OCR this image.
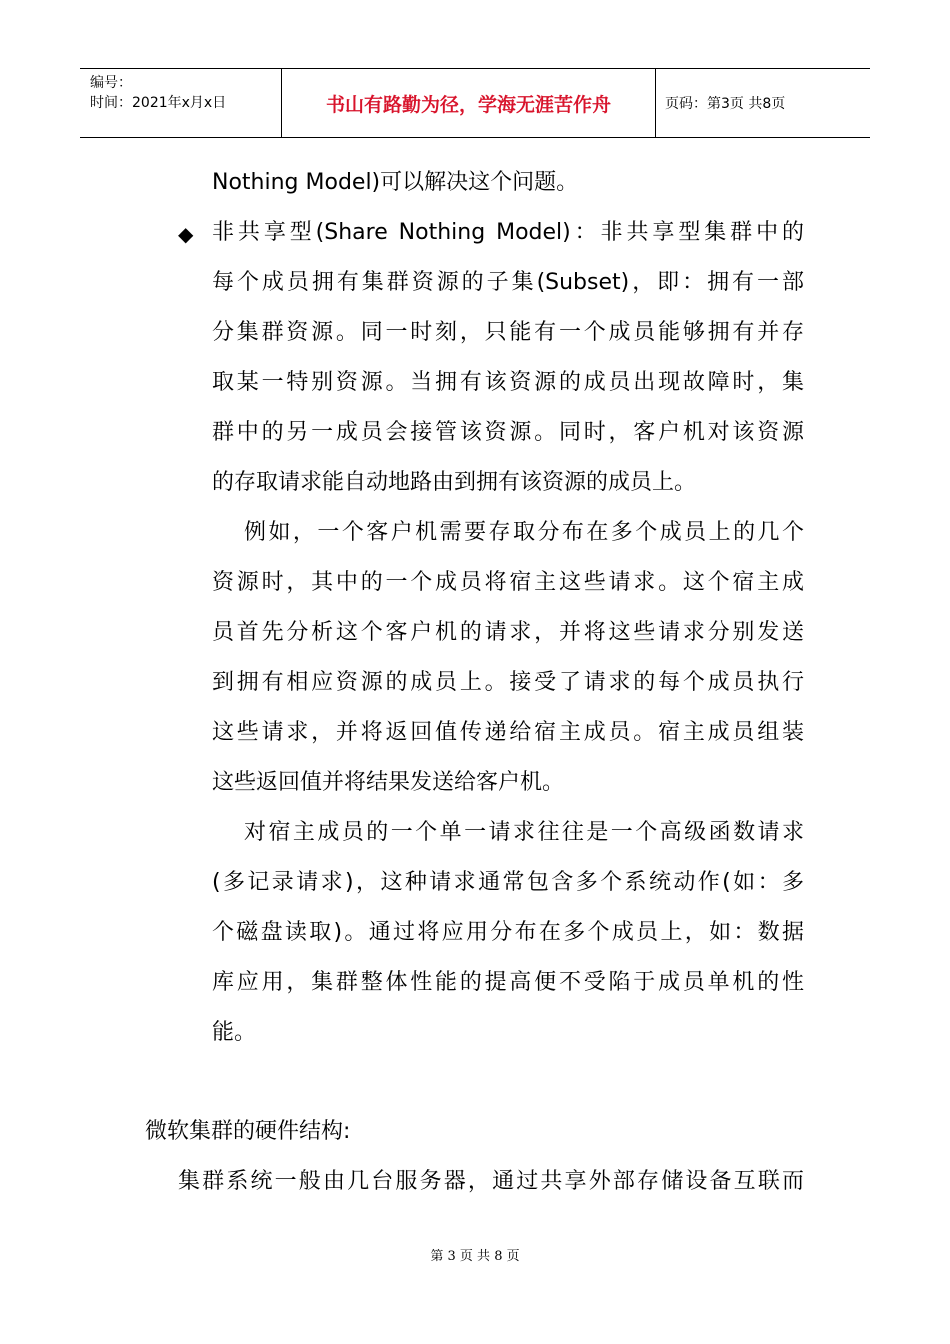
编号：
时间：2021年x月x日	书山有路勤为径，学海无涯苦作舟	页码：第3页 共8页
Nothing Model)可以解决这个问题。
◆ 非共享型(Share Nothing Model)：非共享型集群中的
每个成员拥有集群资源的子集(Subset)，即：拥有一部
分集群资源。同一时刻，只能有一个成员能够拥有并存
取某一特别资源。当拥有该资源的成员出现故障时，集
群中的另一成员会接管该资源。同时，客户机对该资源
的存取请求能自动地路由到拥有该资源的成员上。
例如，一个客户机需要存取分布在多个成员上的几个
资源时，其中的一个成员将宿主这些请求。这个宿主成
员首先分析这个客户机的请求，并将这些请求分别发送
到拥有相应资源的成员上。接受了请求的每个成员执行
这些请求，并将返回值传递给宿主成员。宿主成员组装
这些返回值并将结果发送给客户机。
对宿主成员的一个单一请求往往是一个高级函数请求
(多记录请求)，这种请求通常包含多个系统动作(如：多
个磁盘读取)。通过将应用分布在多个成员上，如：数据
库应用，集群整体性能的提高便不受陷于成员单机的性
能。
微软集群的硬件结构:
集群系统一般由几台服务器，通过共享外部存储设备互联而
第 3 页 共 8 页
